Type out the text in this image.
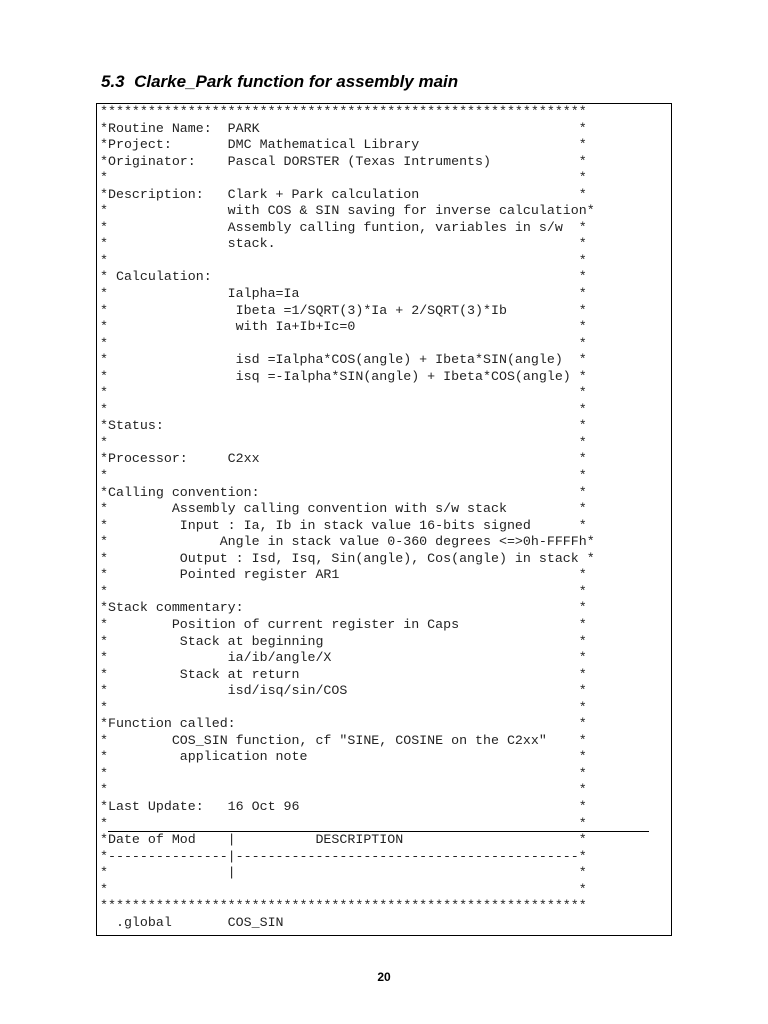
5.3  Clarke_Park function for assembly main
*************************************************************
*Routine Name:  PARK                                        *
*Project:       DMC Mathematical Library                    *
*Originator:    Pascal DORSTER (Texas Intruments)           *
*                                                           *
*Description:   Clark + Park calculation                    *
*               with COS & SIN saving for inverse calculation*
*               Assembly calling funtion, variables in s/w  *
*               stack.                                      *
*                                                           *
* Calculation:                                              *
*               Ialpha=Ia                                   *
*                Ibeta =1/SQRT(3)*Ia + 2/SQRT(3)*Ib         *
*                with Ia+Ib+Ic=0                            *
*                                                           *
*                isd =Ialpha*COS(angle) + Ibeta*SIN(angle)  *
*                isq =-Ialpha*SIN(angle) + Ibeta*COS(angle) *
*                                                           *
*                                                           *
*Status:                                                    *
*                                                           *
*Processor:     C2xx                                        *
*                                                           *
*Calling convention:                                        *
*        Assembly calling convention with s/w stack         *
*         Input : Ia, Ib in stack value 16-bits signed      *
*              Angle in stack value 0-360 degrees <=>0h-FFFFh*
*         Output : Isd, Isq, Sin(angle), Cos(angle) in stack *
*         Pointed register AR1                              *
*                                                           *
*Stack commentary:                                          *
*        Position of current register in Caps               *
*         Stack at beginning                                *
*               ia/ib/angle/X                               *
*         Stack at return                                   *
*               isd/isq/sin/COS                             *
*                                                           *
*Function called:                                           *
*        COS_SIN function, cf "SINE, COSINE on the C2xx"    *
*         application note                                  *
*                                                           *
*                                                           *
*Last Update:   16 Oct 96                                   *
*                                                           *
*Date of Mod    |          DESCRIPTION                      *
*---------------|-------------------------------------------*
*               |                                           *
*                                                           *
*************************************************************
.global       COS_SIN
20
